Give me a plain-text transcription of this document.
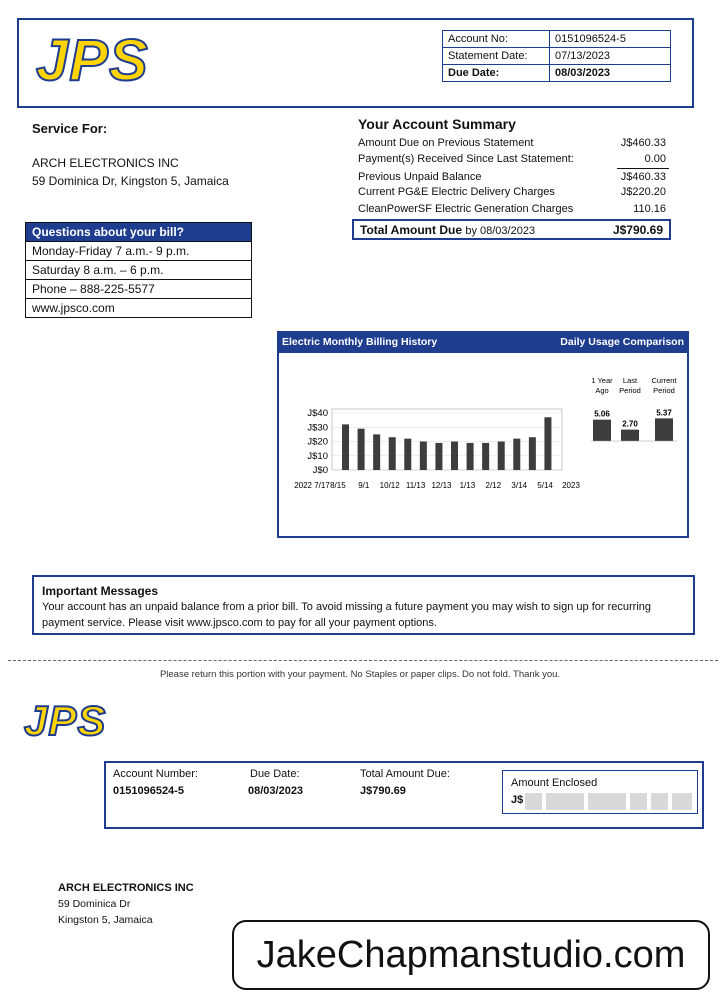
JPS	Account No:	0151096524-5
Statement Date:	07/13/2023
Due Date:	08/03/2023
Service For:
ARCH ELECTRONICS INC
59 Dominica Dr, Kingston 5, Jamaica
Questions about your bill?
Monday-Friday 7 a.m.- 9 p.m.
Saturday 8 a.m. – 6 p.m.
Phone – 888-225-5577
www.jpsco.com
Your Account Summary
Amount Due on Previous Statement	J$460.33
Payment(s) Received Since Last Statement:	0.00
Previous Unpaid Balance	J$460.33
Current PG&E Electric Delivery Charges	J$220.20
CleanPowerSF Electric Generation Charges	110.16
Total Amount Due by 08/03/2023	J$790.69
Electric Monthly Billing History	Daily Usage Comparison
J$40
J$30
J$20
J$10
J$0
2022 7/17 8/15 9/1 10/12 11/13 12/13 1/13 2/12 3/14 5/14 2023
1 Year
Ago
Last
Period
Current
Period
5.06
2.70
5.37
Important Messages
Your account has an unpaid balance from a prior bill. To avoid missing a future payment you may wish to sign up for recurring payment service. Please visit www.jpsco.com to pay for all your payment options.
Please return this portion with your payment. No Staples or paper clips. Do not fold. Thank you.
JPS
Account Number:
0151096524-5
Due Date:
08/03/2023
Total Amount Due:
J$790.69
Amount Enclosed
J$
ARCH ELECTRONICS INC
59 Dominica Dr
Kingston 5, Jamaica
JakeChapmanstudio.com
